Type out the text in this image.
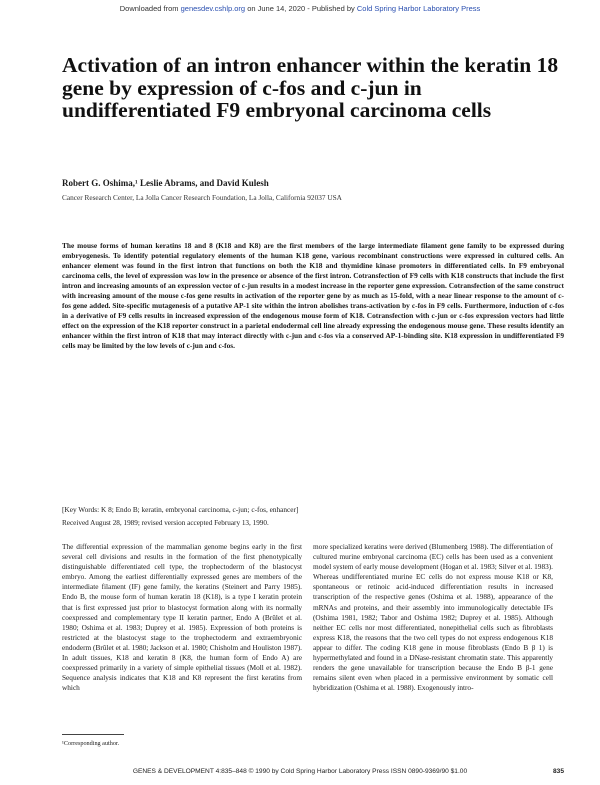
Downloaded from genesdev.cshlp.org on June 14, 2020 - Published by Cold Spring Harbor Laboratory Press
Activation of an intron enhancer within the keratin 18 gene by expression of c-fos and c-jun in undifferentiated F9 embryonal carcinoma cells
Robert G. Oshima,¹ Leslie Abrams, and David Kulesh
Cancer Research Center, La Jolla Cancer Research Foundation, La Jolla, California 92037 USA

The mouse forms of human keratins 18 and 8 (K18 and K8) are the first members of the large intermediate filament gene family to be expressed during embryogenesis. To identify potential regulatory elements of the human K18 gene, various recombinant constructions were expressed in cultured cells. An enhancer element was found in the first intron that functions on both the K18 and thymidine kinase promoters in differentiated cells. In F9 embryonal carcinoma cells, the level of expression was low in the presence or absence of the first intron. Cotransfection of F9 cells with K18 constructs that include the first intron and increasing amounts of an expression vector of c-jun results in a modest increase in the reporter gene expression. Cotransfection of the same construct with increasing amount of the mouse c-fos gene results in activation of the reporter gene by as much as 15-fold, with a near linear response to the amount of c-fos gene added. Site-specific mutagenesis of a putative AP-1 site within the intron abolishes trans-activation by c-fos in F9 cells. Furthermore, induction of c-fos in a derivative of F9 cells results in increased expression of the endogenous mouse form of K18. Cotransfection with c-jun or c-fos expression vectors had little effect on the expression of the K18 reporter construct in a parietal endodermal cell line already expressing the endogenous mouse gene. These results identify an enhancer within the first intron of K18 that may interact directly with c-jun and c-fos via a conserved AP-1-binding site. K18 expression in undifferentiated F9 cells may be limited by the low levels of c-jun and c-fos.

[Key Words: K 8; Endo B; keratin, embryonal carcinoma, c-jun; c-fos, enhancer]
Received August 28, 1989; revised version accepted February 13, 1990.

The differential expression of the mammalian genome begins early in the first several cell divisions and results in the formation of the first phenotypically distinguishable differentiated cell type, the trophectoderm of the blastocyst embryo. Among the earliest differentially expressed genes are members of the intermediate filament (IF) gene family, the keratins (Steinert and Parry 1985). Endo B, the mouse form of human keratin 18 (K18), is a type I keratin protein that is first expressed just prior to blastocyst formation along with its normally coexpressed and complementary type II keratin partner, Endo A (Brûlet et al. 1980; Oshima et al. 1983; Duprey et al. 1985). Expression of both proteins is restricted at the blastocyst stage to the trophectoderm and extraembryonic endoderm (Brûlet et al. 1980; Jackson et al. 1980; Chisholm and Houliston 1987). In adult tissues, K18 and keratin 8 (K8, the human form of Endo A) are coexpressed primarily in a variety of simple epithelial tissues (Moll et al. 1982). Sequence analysis indicates that K18 and K8 represent the first keratins from which

more specialized keratins were derived (Blumenberg 1988). The differentiation of cultured murine embryonal carcinoma (EC) cells has been used as a convenient model system of early mouse development (Hogan et al. 1983; Silver et al. 1983). Whereas undifferentiated murine EC cells do not express mouse K18 or K8, spontaneous or retinoic acid-induced differentiation results in increased transcription of the respective genes (Oshima et al. 1988), appearance of the mRNAs and proteins, and their assembly into immunologically detectable IFs (Oshima 1981, 1982; Tabor and Oshima 1982; Duprey et al. 1985). Although neither EC cells nor most differentiated, nonepithelial cells such as fibroblasts express K18, the reasons that the two cell types do not express endogenous K18 appear to differ. The coding K18 gene in mouse fibroblasts (Endo B β 1) is hypermethylated and found in a DNase-resistant chromatin state. This apparently renders the gene unavailable for transcription because the Endo B β-1 gene remains silent even when placed in a permissive environment by somatic cell hybridization (Oshima et al. 1988). Exogenously intro-

¹Corresponding author.
GENES & DEVELOPMENT 4:835–848 © 1990 by Cold Spring Harbor Laboratory Press ISSN 0890-9369/90 $1.00	835
